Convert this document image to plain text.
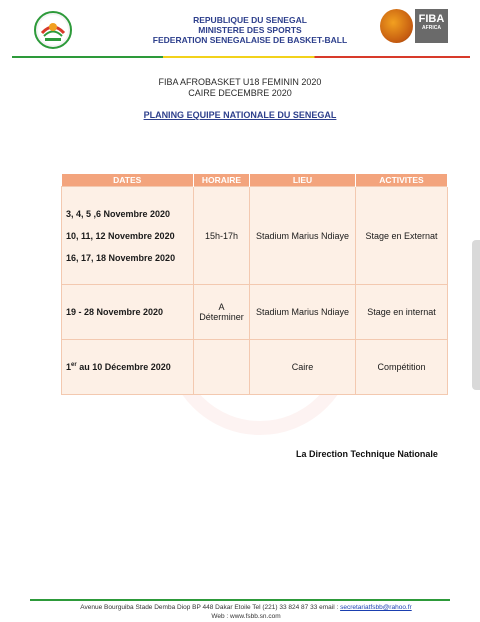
REPUBLIQUE DU SENEGAL
MINISTERE DES SPORTS
FEDERATION SENEGALAISE DE BASKET-BALL
FIBA
AFRICA
FIBA AFROBASKET U18 FEMININ 2020
CAIRE DECEMBRE 2020
PLANING EQUIPE NATIONALE DU SENEGAL
DATES	HORAIRE	LIEU	ACTIVITES

3, 4, 5 ,6 Novembre 2020
10, 11, 12 Novembre 2020
16, 17, 18 Novembre 2020	15h-17h	Stadium Marius Ndiaye	Stage en Externat

19 - 28 Novembre 2020	A Déterminer	Stadium Marius Ndiaye	Stage en internat
1er au 10 Décembre 2020		Caire	Compétition
La Direction Technique Nationale
Avenue Bourguiba Stade Demba Diop BP 448 Dakar Etoile Tel (221) 33 824 87 33 email : secretariatfsbb@rahoo.fr
Web : www.fsbb.sn.com
